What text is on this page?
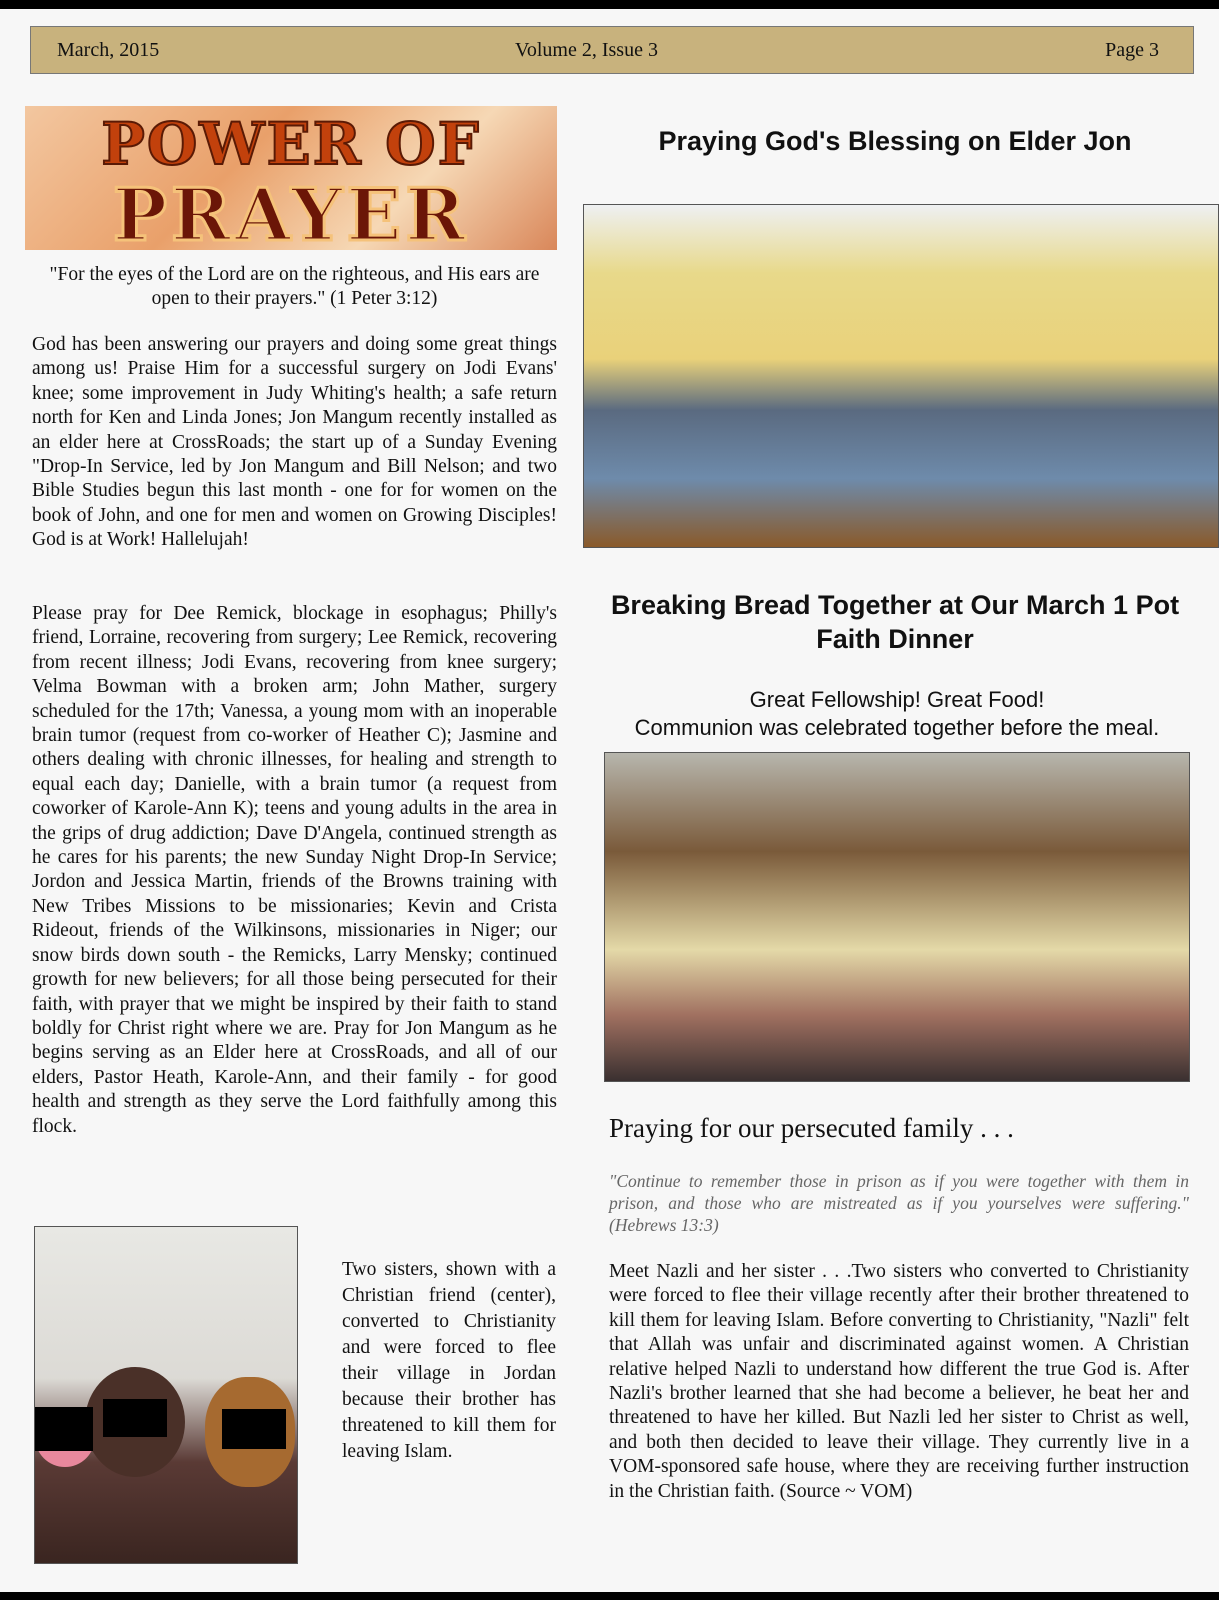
March, 2015	Volume 2, Issue 3	Page 3
POWER OF
PRAYER
"For the eyes of the Lord are on the righteous, and His ears are open to their prayers." (1 Peter 3:12)

God has been answering our prayers and doing some great things among us! Praise Him for a successful surgery on Jodi Evans' knee; some improvement in Judy Whiting's health; a safe return north for Ken and Linda Jones; Jon Mangum recently installed as an elder here at CrossRoads; the start up of a Sunday Evening "Drop-In Service, led by Jon Mangum and Bill Nelson; and two Bible Studies begun this last month - one for for women on the book of John, and one for men and women on Growing Disciples! God is at Work! Hallelujah!

Please pray for Dee Remick, blockage in esophagus; Philly's friend, Lorraine, recovering from surgery; Lee Remick, recovering from recent illness; Jodi Evans, recovering from knee surgery; Velma Bowman with a broken arm; John Mather, surgery scheduled for the 17th; Vanessa, a young mom with an inoperable brain tumor (request from co-worker of Heather C); Jasmine and others dealing with chronic illnesses, for healing and strength to equal each day; Danielle, with a brain tumor (a request from coworker of Karole-Ann K); teens and young adults in the area in the grips of drug addiction; Dave D'Angela, continued strength as he cares for his parents; the new Sunday Night Drop-In Service; Jordon and Jessica Martin, friends of the Browns training with New Tribes Missions to be missionaries; Kevin and Crista Rideout, friends of the Wilkinsons, missionaries in Niger; our snow birds down south - the Remicks, Larry Mensky; continued growth for new believers; for all those being persecuted for their faith, with prayer that we might be inspired by their faith to stand boldly for Christ right where we are. Pray for Jon Mangum as he begins serving as an Elder here at CrossRoads, and all of our elders, Pastor Heath, Karole-Ann, and their family - for good health and strength as they serve the Lord faithfully among this flock.

Two sisters, shown with a Christian friend (center), converted to Christianity and were forced to flee their village in Jordan because their brother has threatened to kill them for leaving Islam.

Praying God's Blessing on Elder Jon
Breaking Bread Together at Our March 1 Pot Faith Dinner
Great Fellowship! Great Food!
Communion was celebrated together before the meal.
Praying for our persecuted family . . .

"Continue to remember those in prison as if you were together with them in prison, and those who are mistreated as if you yourselves were suffering." (Hebrews 13:3)

Meet Nazli and her sister . . .Two sisters who converted to Christianity were forced to flee their village recently after their brother threatened to kill them for leaving Islam. Before converting to Christianity, "Nazli" felt that Allah was unfair and discriminated against women. A Christian relative helped Nazli to understand how different the true God is. After Nazli's brother learned that she had become a believer, he beat her and threatened to have her killed. But Nazli led her sister to Christ as well, and both then decided to leave their village. They currently live in a VOM-sponsored safe house, where they are receiving further instruction in the Christian faith. (Source ~ VOM)
